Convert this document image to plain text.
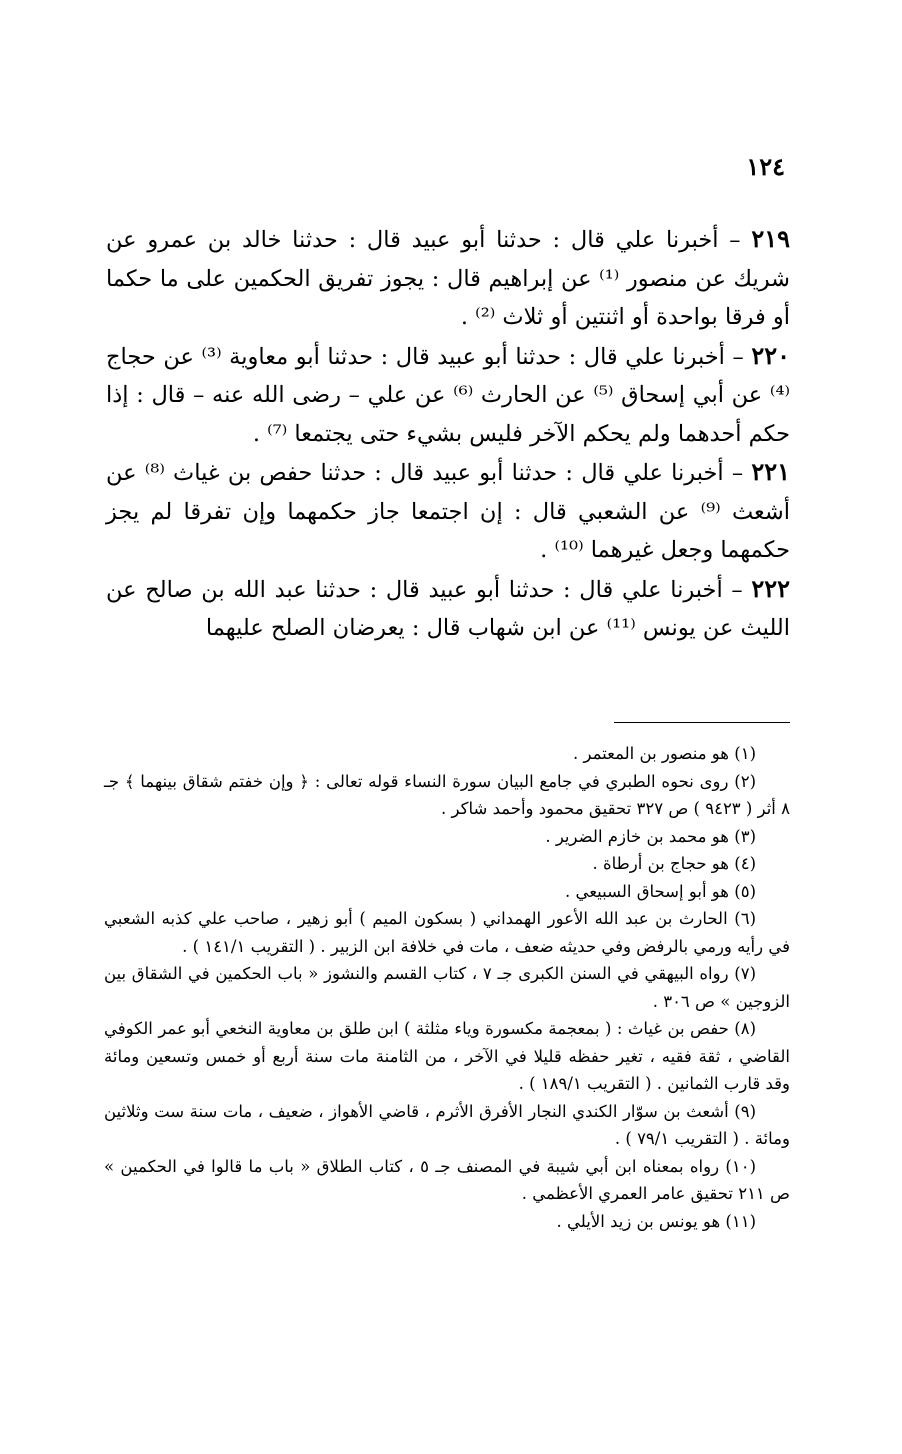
١٢٤

٢١٩ – أخبرنا علي قال : حدثنا أبو عبيد قال : حدثنا خالد بن عمرو عن شريك عن منصور ⁽¹⁾ عن إبراهيم قال : يجوز تفريق الحكمين على ما حكما أو فرقا بواحدة أو اثنتين أو ثلاث ⁽²⁾ .

٢٢٠ – أخبرنا علي قال : حدثنا أبو عبيد قال : حدثنا أبو معاوية ⁽³⁾ عن حجاج ⁽⁴⁾ عن أبي إسحاق ⁽⁵⁾ عن الحارث ⁽⁶⁾ عن علي – رضى الله عنه – قال : إذا حكم أحدهما ولم يحكم الآخر فليس بشيء حتى يجتمعا ⁽⁷⁾ .

٢٢١ – أخبرنا علي قال : حدثنا أبو عبيد قال : حدثنا حفص بن غياث ⁽⁸⁾ عن أشعث ⁽⁹⁾ عن الشعبي قال : إن اجتمعا جاز حكمهما وإن تفرقا لم يجز حكمهما وجعل غيرهما ⁽¹⁰⁾ .

٢٢٢ – أخبرنا علي قال : حدثنا أبو عبيد قال : حدثنا عبد الله بن صالح عن الليث عن يونس ⁽¹¹⁾ عن ابن شهاب قال : يعرضان الصلح عليهما

(١) هو منصور بن المعتمر .

(٢) روى نحوه الطبري في جامع البيان سورة النساء قوله تعالى : ﴿ وإن خفتم شقاق بينهما ﴾ جـ ٨ أثر ( ٩٤٢٣ ) ص ٣٢٧ تحقيق محمود وأحمد شاكر .

(٣) هو محمد بن خازم الضرير .

(٤) هو حجاج بن أرطاة .

(٥) هو أبو إسحاق السبيعي .

(٦) الحارث بن عبد الله الأعور الهمداني ( بسكون الميم ) أبو زهير ، صاحب علي كذبه الشعبي في رأيه ورمي بالرفض وفي حديثه ضعف ، مات في خلافة ابن الزبير . ( التقريب ١٤١/١ ) .

(٧) رواه البيهقي في السنن الكبرى جـ ٧ ، كتاب القسم والنشوز « باب الحكمين في الشقاق بين الزوجين » ص ٣٠٦ .

(٨) حفص بن غياث : ( بمعجمة مكسورة وياء مثلثة ) ابن طلق بن معاوية النخعي أبو عمر الكوفي القاضي ، ثقة فقيه ، تغير حفظه قليلا في الآخر ، من الثامنة مات سنة أربع أو خمس وتسعين ومائة وقد قارب الثمانين . ( التقريب ١٨٩/١ ) .

(٩) أشعث بن سوّار الكندي النجار الأفرق الأثرم ، قاضي الأهواز ، ضعيف ، مات سنة ست وثلاثين ومائة . ( التقريب ٧٩/١ ) .

(١٠) رواه بمعناه ابن أبي شيبة في المصنف جـ ٥ ، كتاب الطلاق « باب ما قالوا في الحكمين » ص ٢١١ تحقيق عامر العمري الأعظمي .

(١١) هو يونس بن زيد الأيلي .
